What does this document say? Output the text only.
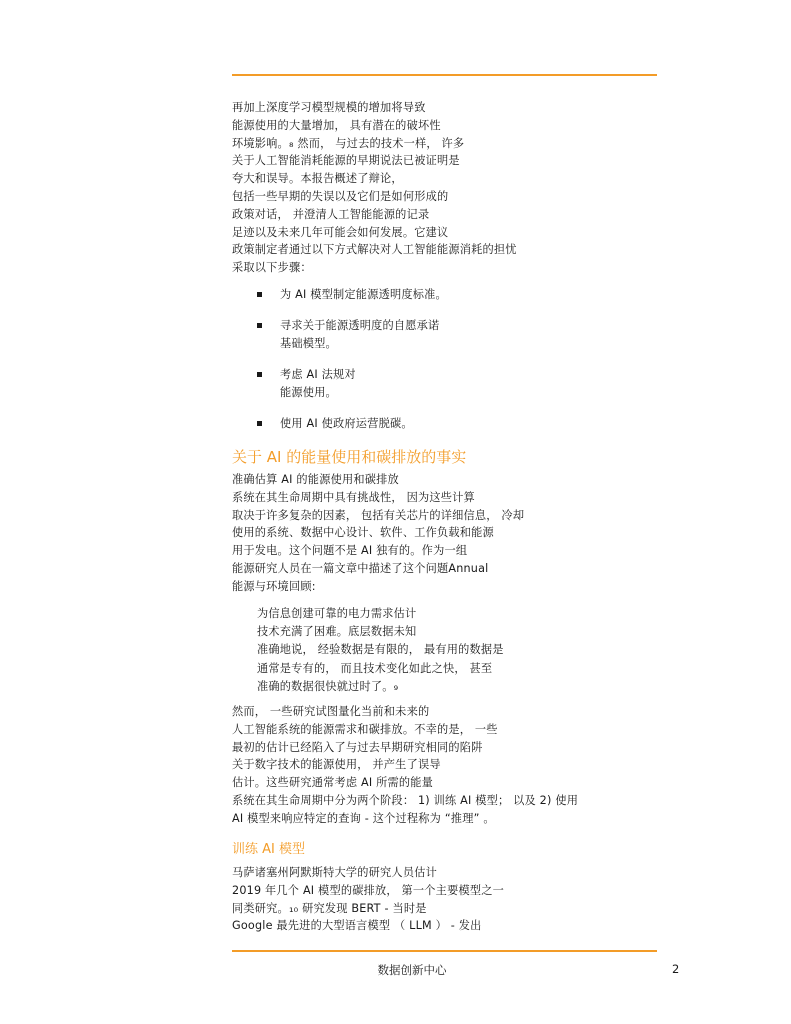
再加上深度学习模型规模的增加将导致
能源使用的大量增加， 具有潜在的破坏性
环境影响。₈ 然而， 与过去的技术一样， 许多
关于人工智能消耗能源的早期说法已被证明是
夸大和误导。本报告概述了辩论，
包括一些早期的失误以及它们是如何形成的
政策对话， 并澄清人工智能能源的记录
足迹以及未来几年可能会如何发展。它建议
政策制定者通过以下方式解决对人工智能能源消耗的担忧
采取以下步骤：
为 AI 模型制定能源透明度标准。
寻求关于能源透明度的自愿承诺
基础模型。
考虑 AI 法规对
能源使用。
使用 AI 使政府运营脱碳。
关于 AI 的能量使用和碳排放的事实
准确估算 AI 的能源使用和碳排放
系统在其生命周期中具有挑战性， 因为这些计算
取决于许多复杂的因素， 包括有关芯片的详细信息， 冷却
使用的系统、数据中心设计、软件、工作负载和能源
用于发电。这个问题不是 AI 独有的。作为一组
能源研究人员在一篇文章中描述了这个问题Annual
能源与环境回顾:
为信息创建可靠的电力需求估计
技术充满了困难。底层数据未知
准确地说， 经验数据是有限的， 最有用的数据是
通常是专有的， 而且技术变化如此之快， 甚至
准确的数据很快就过时了。₉
然而， 一些研究试图量化当前和未来的
人工智能系统的能源需求和碳排放。不幸的是， 一些
最初的估计已经陷入了与过去早期研究相同的陷阱
关于数字技术的能源使用， 并产生了误导
估计。这些研究通常考虑 AI 所需的能量
系统在其生命周期中分为两个阶段： 1) 训练 AI 模型； 以及 2) 使用
AI 模型来响应特定的查询 - 这个过程称为 “推理” 。
训练 AI 模型
马萨诸塞州阿默斯特大学的研究人员估计
2019 年几个 AI 模型的碳排放， 第一个主要模型之一
同类研究。₁₀ 研究发现 BERT - 当时是
Google 最先进的大型语言模型 （ LLM ） - 发出
数据创新中心	2
